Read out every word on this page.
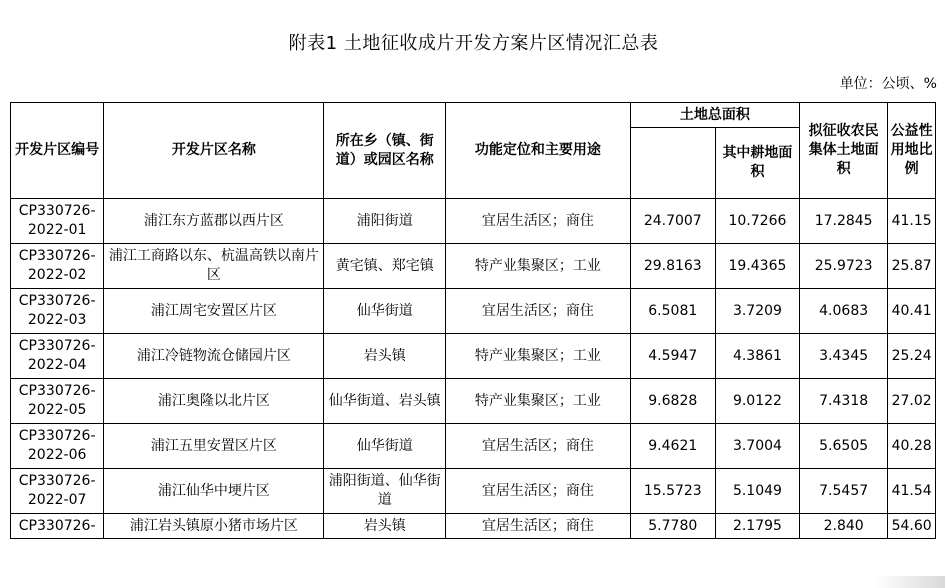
附表1 土地征收成片开发方案片区情况汇总表
单位：公顷、%
开发片区编号	开发片区名称	所在乡（镇、街道）或园区名称	功能定位和主要用途	土地总面积		拟征收农民集体土地面积	公益性用地比例
					其中耕地面积		
CP330726-2022-01	浦江东方蓝郡以西片区	浦阳街道	宜居生活区；商住	24.7007	10.7266	17.2845	41.15
CP330726-2022-02	浦江工商路以东、杭温高铁以南片区	黄宅镇、郑宅镇	特产业集聚区；工业	29.8163	19.4365	25.9723	25.87
CP330726-2022-03	浦江周宅安置区片区	仙华街道	宜居生活区；商住	6.5081	3.7209	4.0683	40.41
CP330726-2022-04	浦江冷链物流仓储园片区	岩头镇	特产业集聚区；工业	4.5947	4.3861	3.4345	25.24
CP330726-2022-05	浦江奥隆以北片区	仙华街道、岩头镇	特产业集聚区；工业	9.6828	9.0122	7.4318	27.02
CP330726-2022-06	浦江五里安置区片区	仙华街道	宜居生活区；商住	9.4621	3.7004	5.6505	40.28
CP330726-2022-07	浦江仙华中埂片区	浦阳街道、仙华街道	宜居生活区；商住	15.5723	5.1049	7.5457	41.54
CP330726-	浦江岩头镇原小猪市场片区	岩头镇	宜居生活区；商住	5.7780	2.1795	2.840	54.60
